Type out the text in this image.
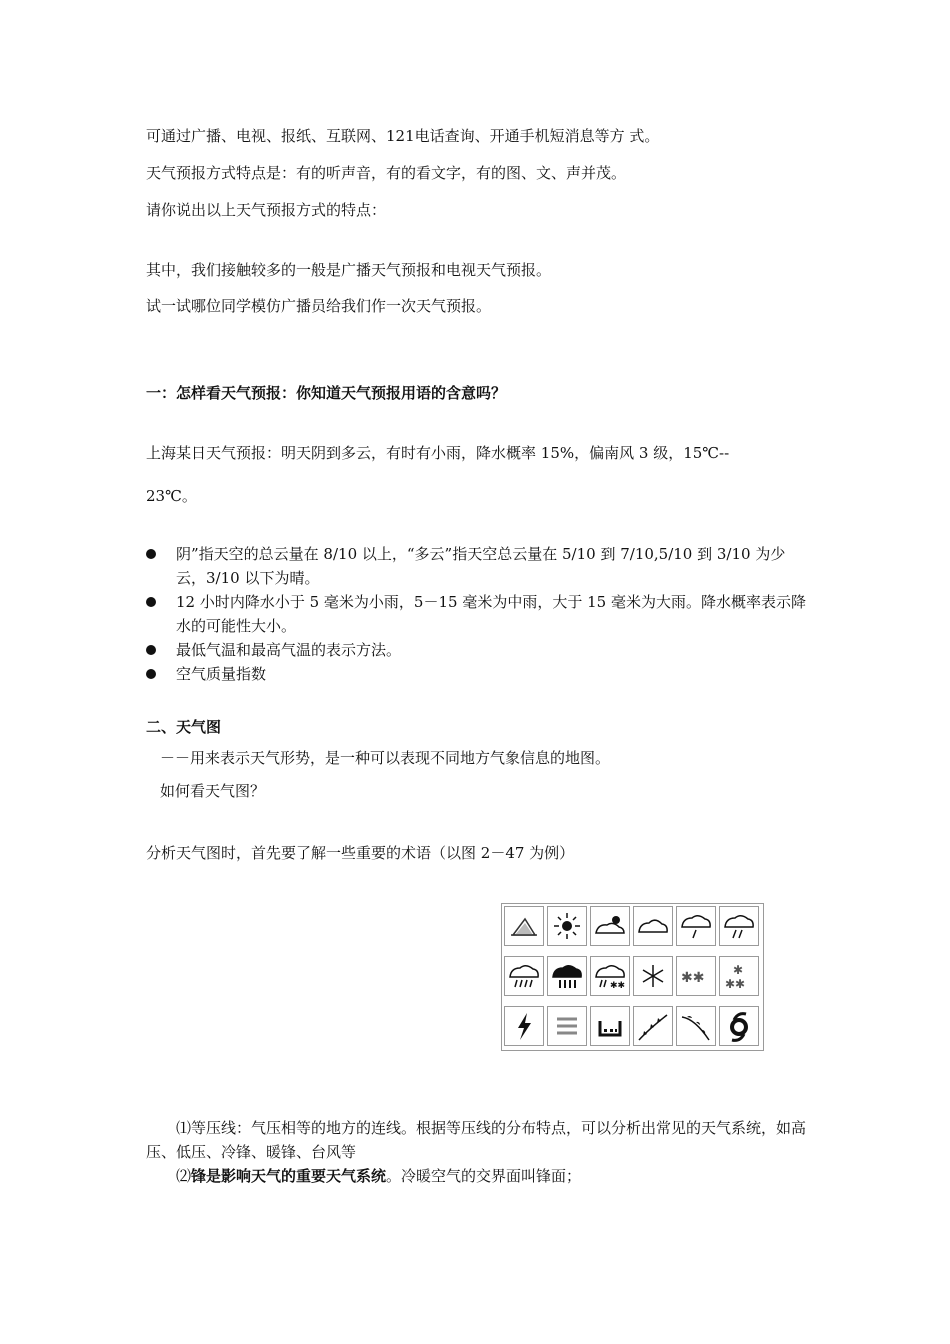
可通过广播、电视、报纸、互联网、121电话查询、开通手机短消息等方 式。
天气预报方式特点是：有的听声音，有的看文字，有的图、文、声并茂。
请你说出以上天气预报方式的特点：
其中，我们接触较多的一般是广播天气预报和电视天气预报。
试一试哪位同学模仿广播员给我们作一次天气预报。
一：怎样看天气预报：你知道天气预报用语的含意吗？
上海某日天气预报：明天阴到多云，有时有小雨，降水概率 15%，偏南风 3 级，15℃--
23℃。
阴”指天空的总云量在 8/10 以上，“多云”指天空总云量在 5/10 到 7/10,5/10 到 3/10 为少云，3/10 以下为晴。
12 小时内降水小于 5 毫米为小雨，5－15 毫米为中雨，大于 15 毫米为大雨。降水概率表示降水的可能性大小。
最低气温和最高气温的表示方法。
空气质量指数
二、天气图
－－用来表示天气形势，是一种可以表现不同地方气象信息的地图。
如何看天气图？
分析天气图时，首先要了解一些重要的术语（以图 2－47 为例）
✱✱	✱✱ ✱
✱✱
⑴等压线：气压相等的地方的连线。根据等压线的分布特点，可以分析出常见的天气系统，如高压、低压、冷锋、暖锋、台风等
⑵锋是影响天气的重要天气系统。冷暖空气的交界面叫锋面；
